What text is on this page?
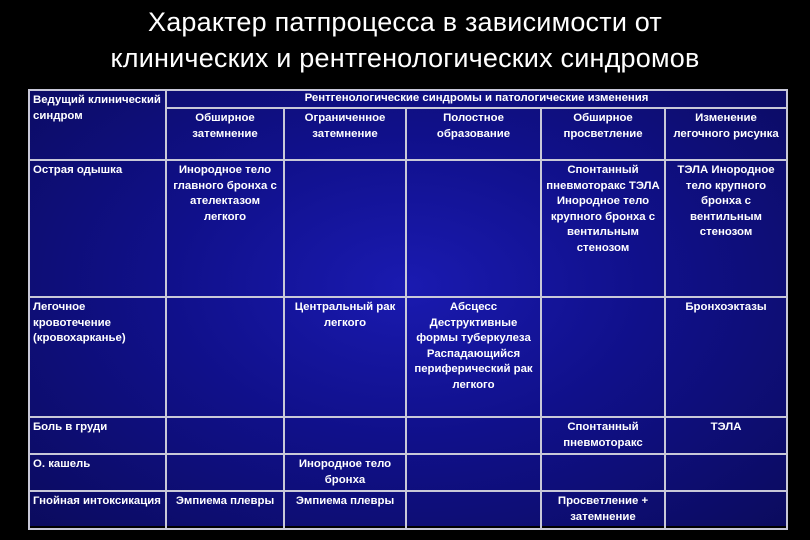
Характер патпроцесса в зависимости от
клинических и рентгенологических синдромов
Ведущий клинический синдром	Рентгенологические синдромы и патологические изменения				
	Обширное затемнение	Ограниченное затемнение	Полостное образование	Обширное просветление	Изменение легочного рисунка
Острая одышка	Инородное тело главного бронха с ателектазом легкого			Спонтанный пневмоторакс ТЭЛА Инородное тело крупного бронха с вентильным стенозом	ТЭЛА Инородное тело крупного бронха с вентильным стенозом
Легочное кровотечение (кровохарканье)		Центральный рак легкого	Абсцесс Деструктивные формы туберкулеза Распадающийся периферический рак легкого		Бронхоэктазы
Боль в груди				Спонтанный пневмоторакс	ТЭЛА
О. кашель		Инородное тело бронха			
Гнойная интоксикация	Эмпиема плевры	Эмпиема плевры		Просветление + затемнение	
